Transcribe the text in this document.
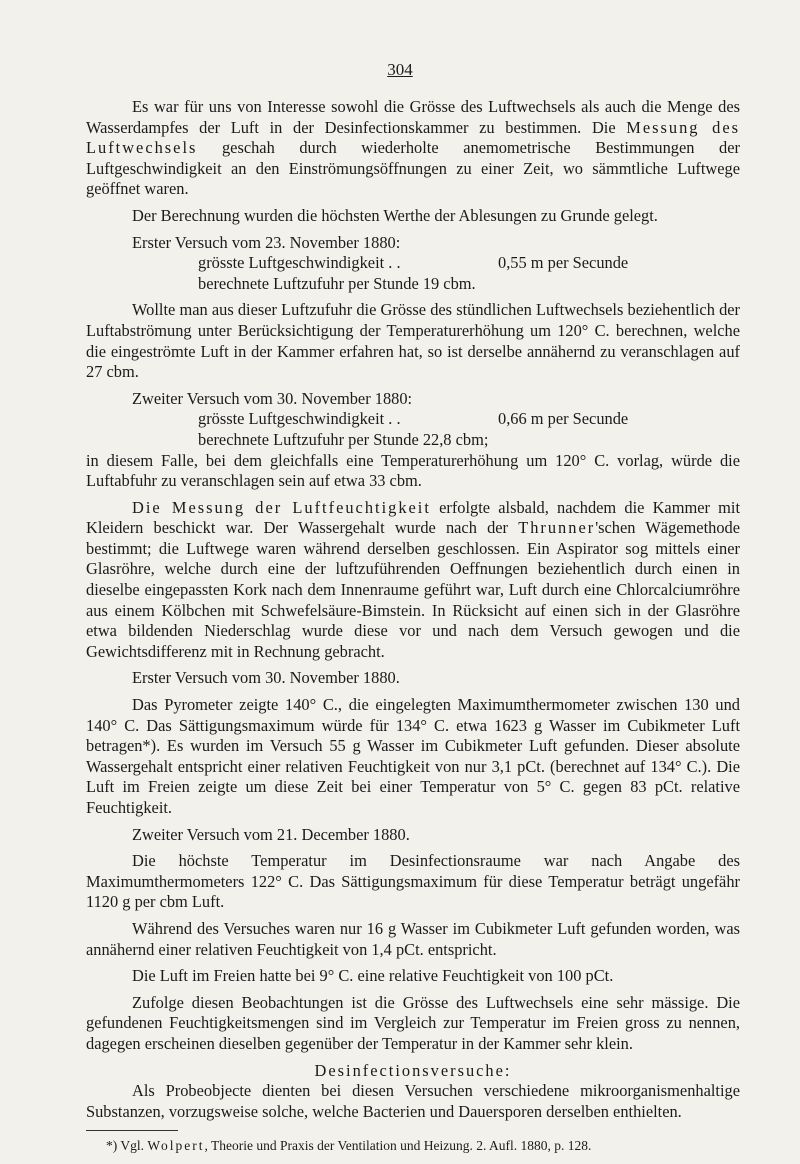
304

Es war für uns von Interesse sowohl die Grösse des Luftwechsels als auch die Menge des Wasserdampfes der Luft in der Desinfectionskammer zu bestimmen. Die Messung des Luftwechsels geschah durch wiederholte anemometrische Bestimmungen der Luftgeschwindigkeit an den Einströmungsöffnungen zu einer Zeit, wo sämmtliche Luftwege geöffnet waren.

Der Berechnung wurden die höchsten Werthe der Ablesungen zu Grunde gelegt.

Erster Versuch vom 23. November 1880:
grösste Luftgeschwindigkeit . .	0,55 m per Secunde
berechnete Luftzufuhr per Stunde 19 cbm.

Wollte man aus dieser Luftzufuhr die Grösse des stündlichen Luftwechsels beziehentlich der Luftabströmung unter Berücksichtigung der Temperaturerhöhung um 120° C. berechnen, welche die eingeströmte Luft in der Kammer erfahren hat, so ist derselbe annähernd zu veranschlagen auf 27 cbm.

Zweiter Versuch vom 30. November 1880:
grösste Luftgeschwindigkeit . .	0,66 m per Secunde
berechnete Luftzufuhr per Stunde 22,8 cbm;

in diesem Falle, bei dem gleichfalls eine Temperaturerhöhung um 120° C. vorlag, würde die Luftabfuhr zu veranschlagen sein auf etwa 33 cbm.

Die Messung der Luftfeuchtigkeit erfolgte alsbald, nachdem die Kammer mit Kleidern beschickt war. Der Wassergehalt wurde nach der Thrunner'schen Wägemethode bestimmt; die Luftwege waren während derselben geschlossen. Ein Aspirator sog mittels einer Glasröhre, welche durch eine der luftzuführenden Oeffnungen beziehentlich durch einen in dieselbe eingepassten Kork nach dem Innenraume geführt war, Luft durch eine Chlorcalciumröhre aus einem Kölbchen mit Schwefelsäure-Bimstein. In Rücksicht auf einen sich in der Glasröhre etwa bildenden Niederschlag wurde diese vor und nach dem Versuch gewogen und die Gewichtsdifferenz mit in Rechnung gebracht.

Erster Versuch vom 30. November 1880.

Das Pyrometer zeigte 140° C., die eingelegten Maximumthermometer zwischen 130 und 140° C. Das Sättigungsmaximum würde für 134° C. etwa 1623 g Wasser im Cubikmeter Luft betragen*). Es wurden im Versuch 55 g Wasser im Cubikmeter Luft gefunden. Dieser absolute Wassergehalt entspricht einer relativen Feuchtigkeit von nur 3,1 pCt. (berechnet auf 134° C.). Die Luft im Freien zeigte um diese Zeit bei einer Temperatur von 5° C. gegen 83 pCt. relative Feuchtigkeit.

Zweiter Versuch vom 21. December 1880.

Die höchste Temperatur im Desinfectionsraume war nach Angabe des Maximumthermometers 122° C. Das Sättigungsmaximum für diese Temperatur beträgt ungefähr 1120 g per cbm Luft.

Während des Versuches waren nur 16 g Wasser im Cubikmeter Luft gefunden worden, was annähernd einer relativen Feuchtigkeit von 1,4 pCt. entspricht.

Die Luft im Freien hatte bei 9° C. eine relative Feuchtigkeit von 100 pCt.

Zufolge diesen Beobachtungen ist die Grösse des Luftwechsels eine sehr mässige. Die gefundenen Feuchtigkeitsmengen sind im Vergleich zur Temperatur im Freien gross zu nennen, dagegen erscheinen dieselben gegenüber der Temperatur in der Kammer sehr klein.

Desinfectionsversuche:

Als Probeobjecte dienten bei diesen Versuchen verschiedene mikroorganismenhaltige Substanzen, vorzugsweise solche, welche Bacterien und Dauersporen derselben enthielten.

*) Vgl. Wolpert, Theorie und Praxis der Ventilation und Heizung. 2. Aufl. 1880, p. 128.
